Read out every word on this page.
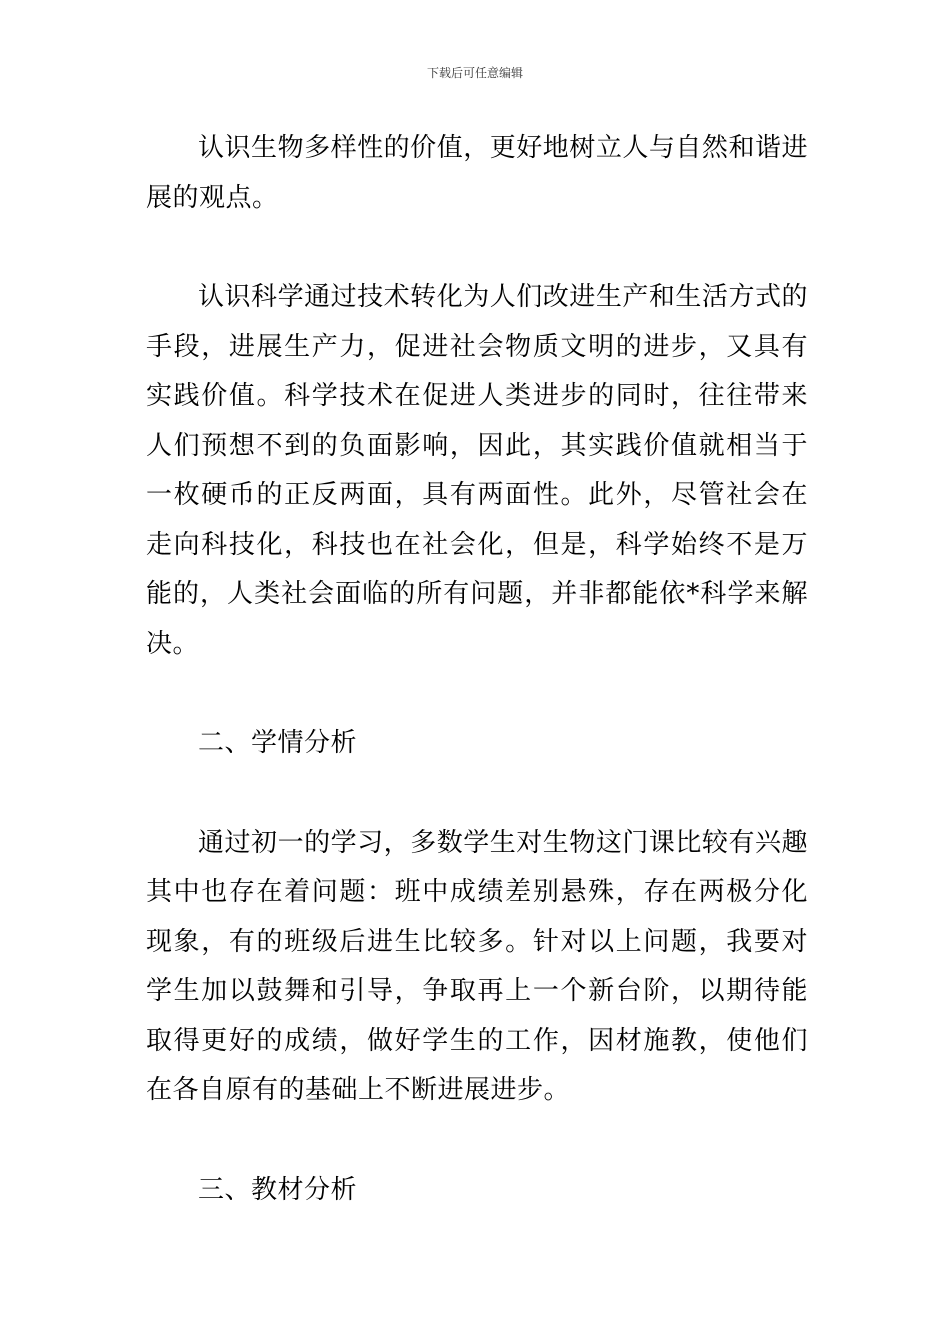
下载后可任意编辑

认识生物多样性的价值，更好地树立人与自然和谐进展的观点。

认识科学通过技术转化为人们改进生产和生活方式的手段，进展生产力，促进社会物质文明的进步，又具有实践价值。科学技术在促进人类进步的同时，往往带来人们预想不到的负面影响，因此，其实践价值就相当于一枚硬币的正反两面，具有两面性。此外，尽管社会在走向科技化，科技也在社会化，但是，科学始终不是万能的，人类社会面临的所有问题，并非都能依*科学来解决。

二、学情分析

通过初一的学习，多数学生对生物这门课比较有兴趣其中也存在着问题：班中成绩差别悬殊，存在两极分化现象，有的班级后进生比较多。针对以上问题，我要对学生加以鼓舞和引导，争取再上一个新台阶，以期待能取得更好的成绩，做好学生的工作，因材施教，使他们在各自原有的基础上不断进展进步。

三、教材分析
